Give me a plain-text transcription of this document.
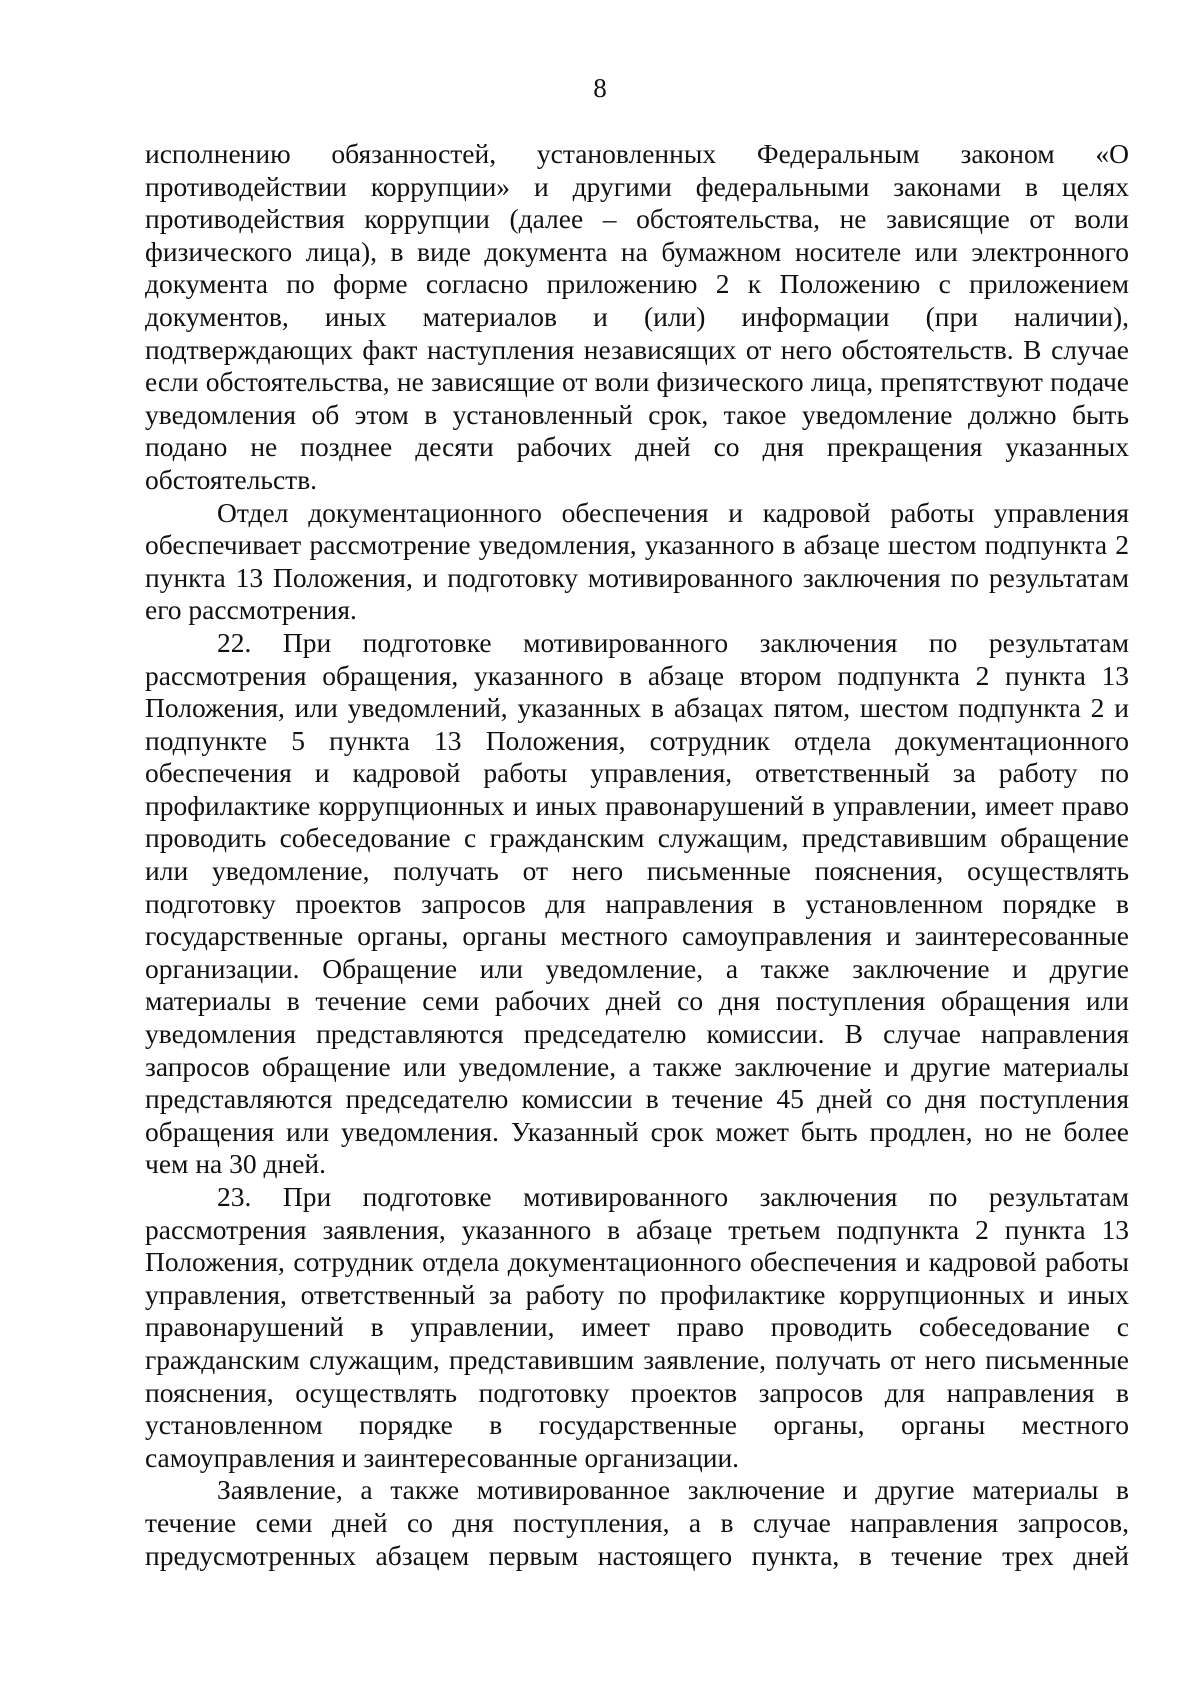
8

исполнению обязанностей, установленных Федеральным законом «О противодействии коррупции» и другими федеральными законами в целях противодействия коррупции (далее – обстоятельства, не зависящие от воли физического лица), в виде документа на бумажном носителе или электронного документа по форме согласно приложению 2 к Положению с приложением документов, иных материалов и (или) информации (при наличии), подтверждающих факт наступления независящих от него обстоятельств. В случае если обстоятельства, не зависящие от воли физического лица, препятствуют подаче уведомления об этом в установленный срок, такое уведомление должно быть подано не позднее десяти рабочих дней со дня прекращения указанных обстоятельств.

Отдел документационного обеспечения и кадровой работы управления обеспечивает рассмотрение уведомления, указанного в абзаце шестом подпункта 2 пункта 13 Положения, и подготовку мотивированного заключения по результатам его рассмотрения.

22. При подготовке мотивированного заключения по результатам рассмотрения обращения, указанного в абзаце втором подпункта 2 пункта 13 Положения, или уведомлений, указанных в абзацах пятом, шестом подпункта 2 и подпункте 5 пункта 13 Положения, сотрудник отдела документационного обеспечения и кадровой работы управления, ответственный за работу по профилактике коррупционных и иных правонарушений в управлении, имеет право проводить собеседование с гражданским служащим, представившим обращение или уведомление, получать от него письменные пояснения, осуществлять подготовку проектов запросов для направления в установленном порядке в государственные органы, органы местного самоуправления и заинтересованные организации. Обращение или уведомление, а также заключение и другие материалы в течение семи рабочих дней со дня поступления обращения или уведомления представляются председателю комиссии. В случае направления запросов обращение или уведомление, а также заключение и другие материалы представляются председателю комиссии в течение 45 дней со дня поступления обращения или уведомления. Указанный срок может быть продлен, но не более чем на 30 дней.

23. При подготовке мотивированного заключения по результатам рассмотрения заявления, указанного в абзаце третьем подпункта 2 пункта 13 Положения, сотрудник отдела документационного обеспечения и кадровой работы управления, ответственный за работу по профилактике коррупционных и иных правонарушений в управлении, имеет право проводить собеседование с гражданским служащим, представившим заявление, получать от него письменные пояснения, осуществлять подготовку проектов запросов для направления в установленном порядке в государственные органы, органы местного самоуправления и заинтересованные организации.

Заявление, а также мотивированное заключение и другие материалы в течение семи дней со дня поступления, а в случае направления запросов, предусмотренных абзацем первым настоящего пункта, в течение трех дней
